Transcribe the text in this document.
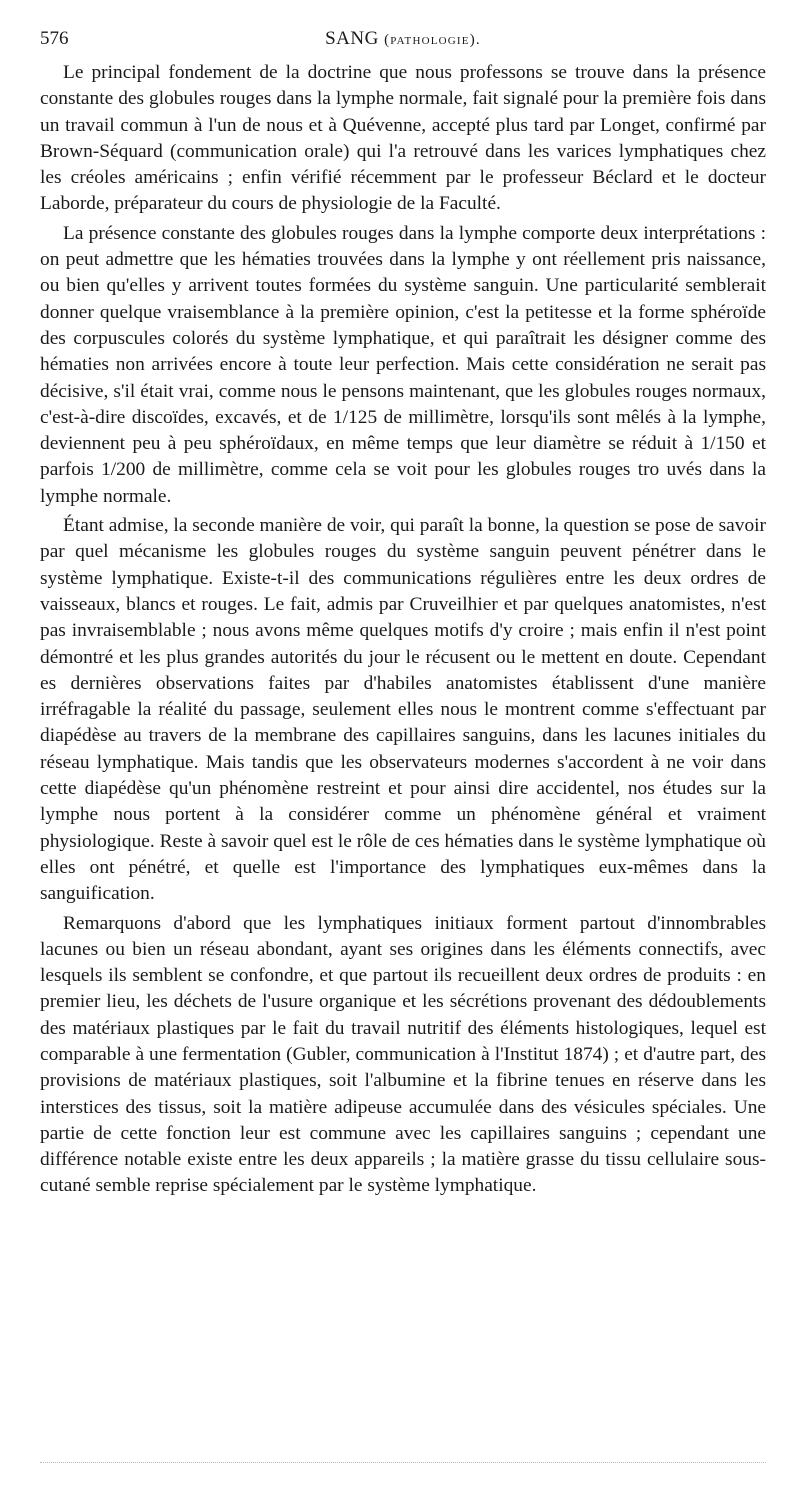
576	SANG (pathologie).

Le principal fondement de la doctrine que nous professons se trouve dans la présence constante des globules rouges dans la lymphe normale, fait signalé pour la première fois dans un travail commun à l'un de nous et à Quévenne, accepté plus tard par Longet, confirmé par Brown-Séquard (communication orale) qui l'a retrouvé dans les varices lymphatiques chez les créoles américains ; enfin vérifié récemment par le professeur Béclard et le docteur Laborde, préparateur du cours de physiologie de la Faculté.

La présence constante des globules rouges dans la lymphe comporte deux interprétations : on peut admettre que les hématies trouvées dans la lymphe y ont réellement pris naissance, ou bien qu'elles y arrivent toutes formées du système sanguin. Une particularité semblerait donner quelque vraisemblance à la première opinion, c'est la petitesse et la forme sphéroïde des corpuscules colorés du système lymphatique, et qui paraîtrait les désigner comme des hématies non arrivées encore à toute leur perfection. Mais cette considération ne serait pas décisive, s'il était vrai, comme nous le pensons maintenant, que les globules rouges normaux, c'est-à-dire discoïdes, excavés, et de 1/125 de millimètre, lorsqu'ils sont mêlés à la lymphe, deviennent peu à peu sphéroïdaux, en même temps que leur diamètre se réduit à 1/150 et parfois 1/200 de millimètre, comme cela se voit pour les globules rouges tro uvés dans la lymphe normale.

Étant admise, la seconde manière de voir, qui paraît la bonne, la question se pose de savoir par quel mécanisme les globules rouges du système sanguin peuvent pénétrer dans le système lymphatique. Existe-t-il des communications régulières entre les deux ordres de vaisseaux, blancs et rouges. Le fait, admis par Cruveilhier et par quelques anatomistes, n'est pas invraisemblable ; nous avons même quelques motifs d'y croire ; mais enfin il n'est point démontré et les plus grandes autorités du jour le récusent ou le mettent en doute. Cependant es dernières observations faites par d'habiles anatomistes établissent d'une manière irréfragable la réalité du passage, seulement elles nous le montrent comme s'effectuant par diapédèse au travers de la membrane des capillaires sanguins, dans les lacunes initiales du réseau lymphatique. Mais tandis que les observateurs modernes s'accordent à ne voir dans cette diapédèse qu'un phénomène restreint et pour ainsi dire accidentel, nos études sur la lymphe nous portent à la considérer comme un phénomène général et vraiment physiologique. Reste à savoir quel est le rôle de ces hématies dans le système lymphatique où elles ont pénétré, et quelle est l'importance des lymphatiques eux-mêmes dans la sanguification.

Remarquons d'abord que les lymphatiques initiaux forment partout d'innombrables lacunes ou bien un réseau abondant, ayant ses origines dans les éléments connectifs, avec lesquels ils semblent se confondre, et que partout ils recueillent deux ordres de produits : en premier lieu, les déchets de l'usure organique et les sécrétions provenant des dédoublements des matériaux plastiques par le fait du travail nutritif des éléments histologiques, lequel est comparable à une fermentation (Gubler, communication à l'Institut 1874) ; et d'autre part, des provisions de matériaux plastiques, soit l'albumine et la fibrine tenues en réserve dans les interstices des tissus, soit la matière adipeuse accumulée dans des vésicules spéciales. Une partie de cette fonction leur est commune avec les capillaires sanguins ; cependant une différence notable existe entre les deux appareils ; la matière grasse du tissu cellulaire sous-cutané semble reprise spécialement par le système lymphatique.
